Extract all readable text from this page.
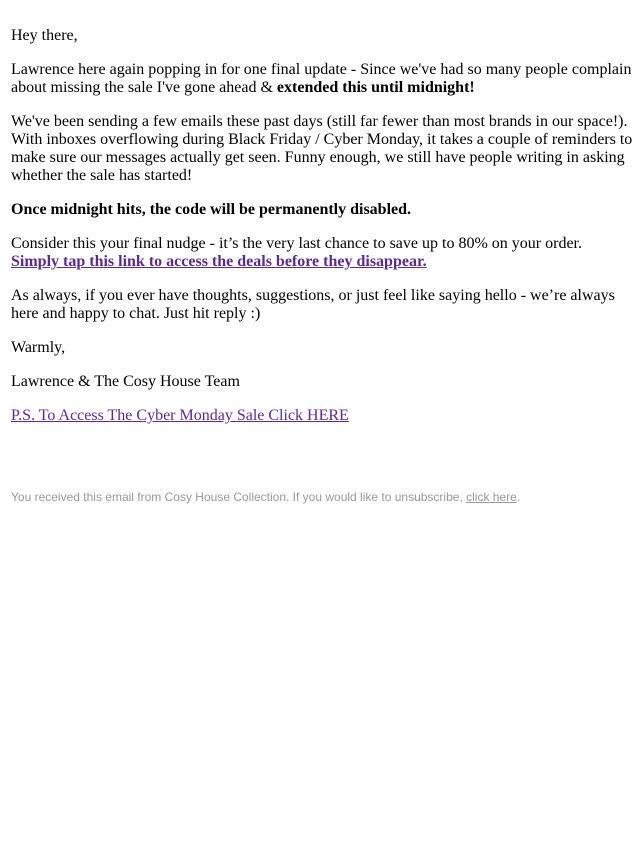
Hey there,

Lawrence here again popping in for one final update - Since we've had so many people complain about missing the sale I've gone ahead & extended this until midnight!

We've been sending a few emails these past days (still far fewer than most brands in our space!). With inboxes overflowing during Black Friday / Cyber Monday, it takes a couple of reminders to make sure our messages actually get seen. Funny enough, we still have people writing in asking whether the sale has started!

Once midnight hits, the code will be permanently disabled.

Consider this your final nudge - it’s the very last chance to save up to 80% on your order.
Simply tap this link to access the deals before they disappear.

As always, if you ever have thoughts, suggestions, or just feel like saying hello - we’re always here and happy to chat. Just hit reply :)

Warmly,

Lawrence & The Cosy House Team

P.S. To Access The Cyber Monday Sale Click HERE

You received this email from Cosy House Collection. If you would like to unsubscribe, click here.
